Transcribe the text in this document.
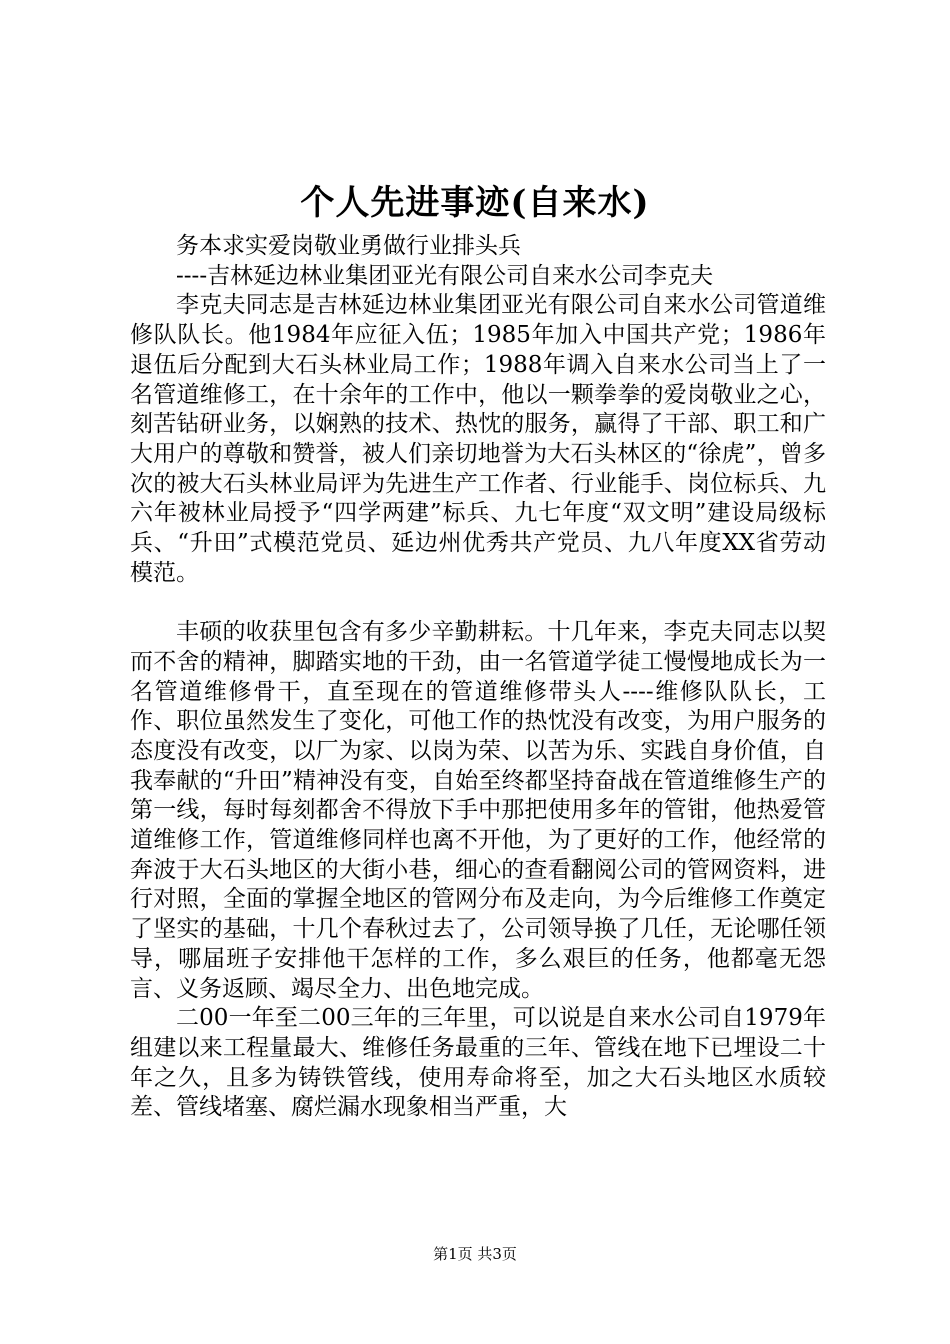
个人先进事迹(自来水)

务本求实爱岗敬业勇做行业排头兵

----吉林延边林业集团亚光有限公司自来水公司李克夫

李克夫同志是吉林延边林业集团亚光有限公司自来水公司管道维修队队长。他1984年应征入伍；1985年加入中国共产党；1986年退伍后分配到大石头林业局工作；1988年调入自来水公司当上了一名管道维修工，在十余年的工作中，他以一颗拳拳的爱岗敬业之心，刻苦钻研业务，以娴熟的技术、热忱的服务，赢得了干部、职工和广大用户的尊敬和赞誉，被人们亲切地誉为大石头林区的“徐虎”，曾多次的被大石头林业局评为先进生产工作者、行业能手、岗位标兵、九六年被林业局授予“四学两建”标兵、九七年度“双文明”建设局级标兵、“升田”式模范党员、延边州优秀共产党员、九八年度XX省劳动模范。

丰硕的收获里包含有多少辛勤耕耘。十几年来，李克夫同志以契而不舍的精神，脚踏实地的干劲，由一名管道学徒工慢慢地成长为一名管道维修骨干，直至现在的管道维修带头人----维修队队长，工作、职位虽然发生了变化，可他工作的热忱没有改变，为用户服务的态度没有改变，以厂为家、以岗为荣、以苦为乐、实践自身价值，自我奉献的“升田”精神没有变，自始至终都坚持奋战在管道维修生产的第一线，每时每刻都舍不得放下手中那把使用多年的管钳，他热爱管道维修工作，管道维修同样也离不开他，为了更好的工作，他经常的奔波于大石头地区的大街小巷，细心的查看翻阅公司的管网资料，进行对照，全面的掌握全地区的管网分布及走向，为今后维修工作奠定了坚实的基础，十几个春秋过去了，公司领导换了几任，无论哪任领导，哪届班子安排他干怎样的工作，多么艰巨的任务，他都毫无怨言、义务返顾、竭尽全力、出色地完成。

二00一年至二00三年的三年里，可以说是自来水公司自1979年组建以来工程量最大、维修任务最重的三年、管线在地下已埋设二十年之久，且多为铸铁管线，使用寿命将至，加之大石头地区水质较差、管线堵塞、腐烂漏水现象相当严重，大

第1页 共3页
